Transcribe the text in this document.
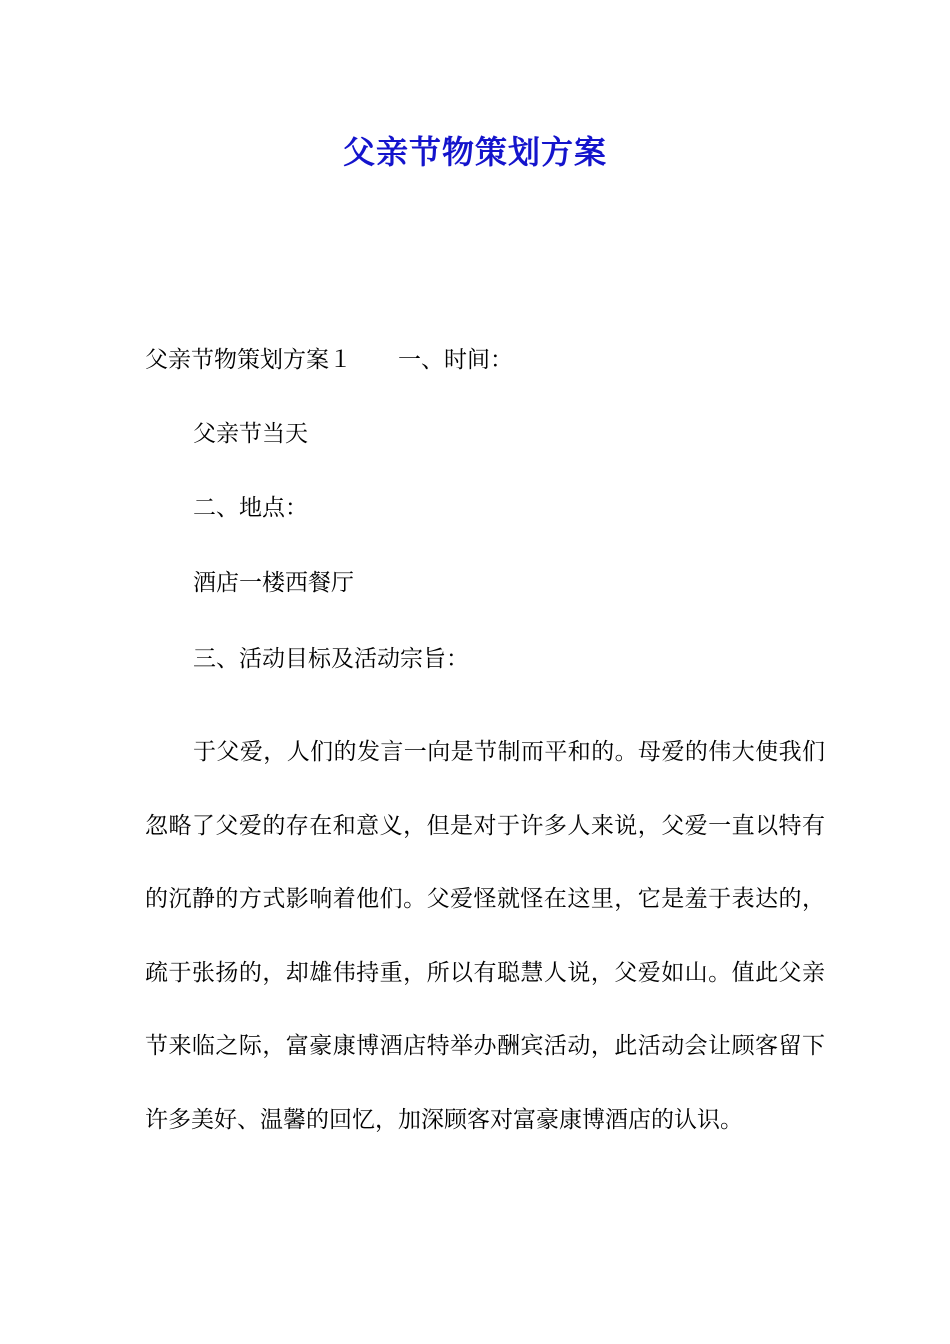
父亲节物策划方案

父亲节物策划方案１ 一、时间：

父亲节当天

二、地点：

酒店一楼西餐厅

三、活动目标及活动宗旨：

于父爱，人们的发言一向是节制而平和的。母爱的伟大使我们忽略了父爱的存在和意义，但是对于许多人来说，父爱一直以特有的沉静的方式影响着他们。父爱怪就怪在这里，它是羞于表达的，疏于张扬的，却雄伟持重，所以有聪慧人说，父爱如山。值此父亲节来临之际，富豪康博酒店特举办酬宾活动，此活动会让顾客留下许多美好、温馨的回忆，加深顾客对富豪康博酒店的认识。
